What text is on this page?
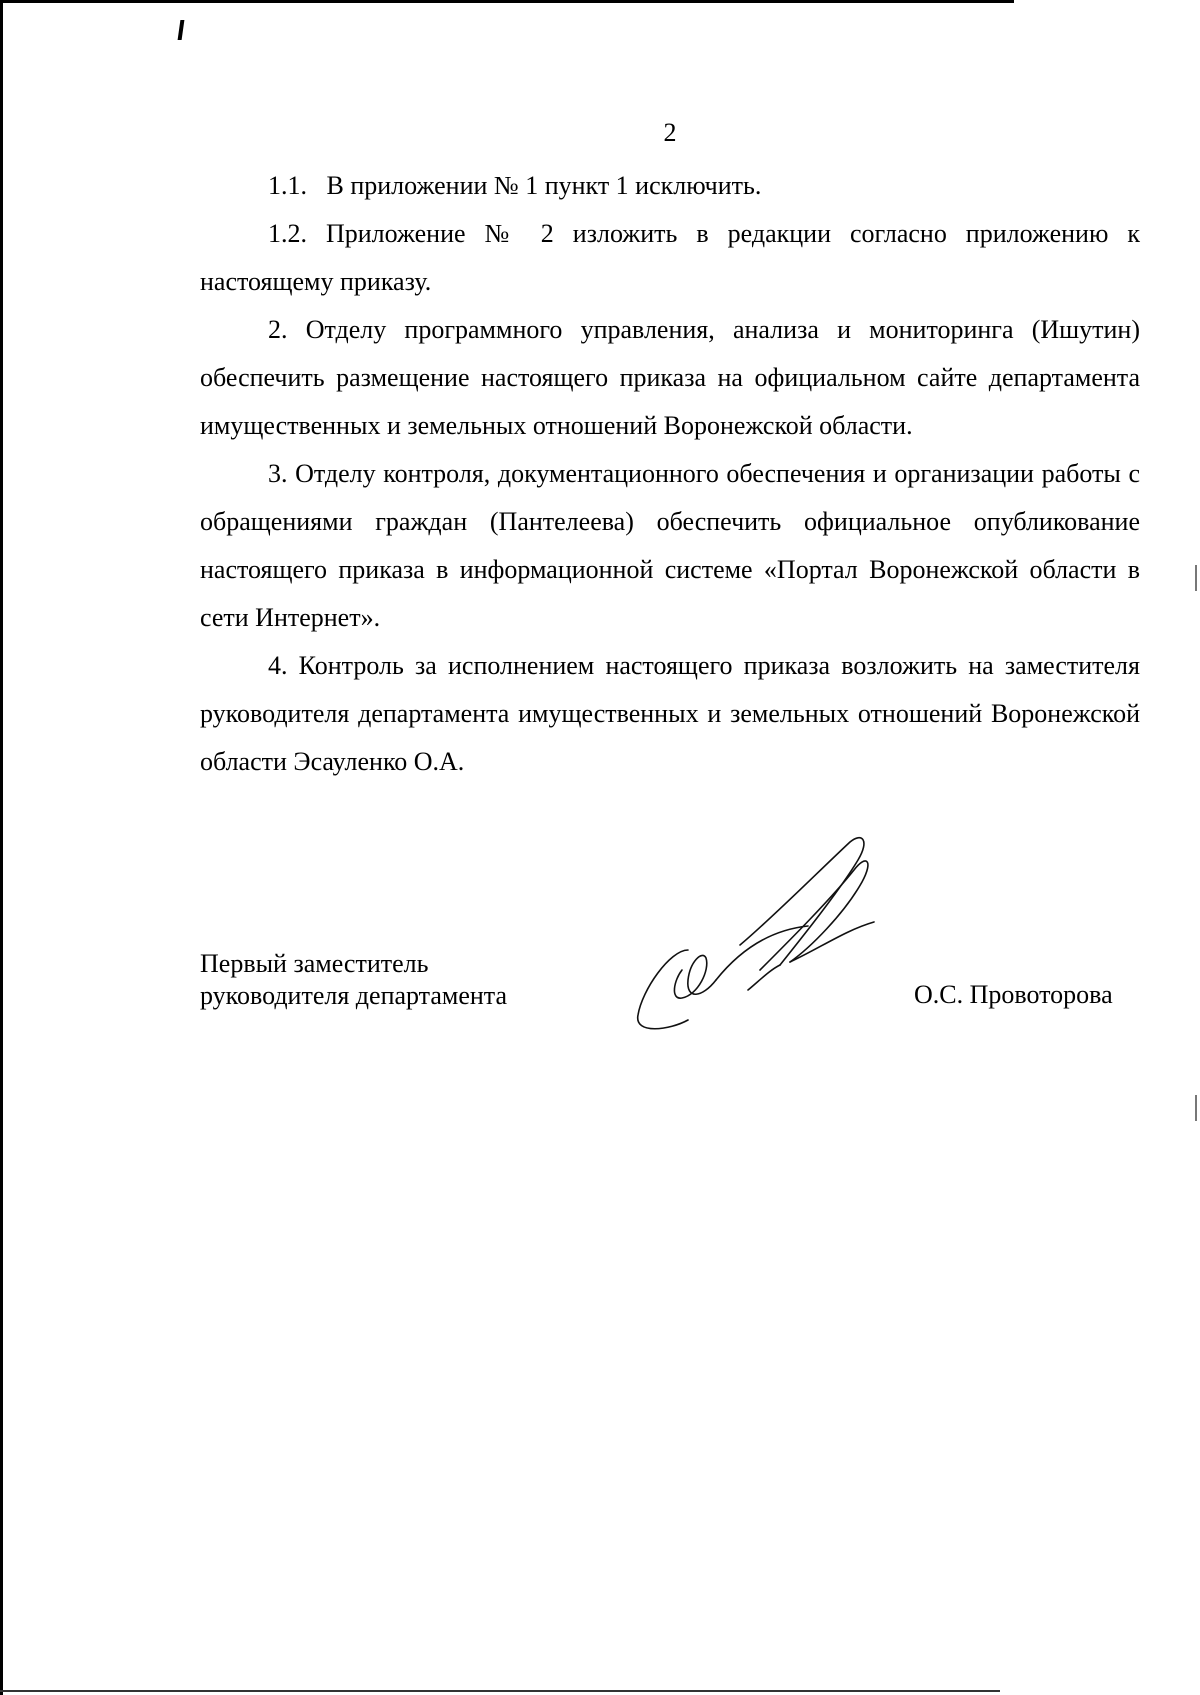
2

1.1.   В приложении № 1 пункт 1 исключить.

1.2. Приложение № 2 изложить в редакции согласно приложению к настоящему приказу.

2. Отделу программного управления, анализа и мониторинга (Ишутин) обеспечить размещение настоящего приказа на официальном сайте департамента имущественных и земельных отношений Воронежской области.

3. Отделу контроля, документационного обеспечения и организации работы с обращениями граждан (Пантелеева) обеспечить официальное опубликование настоящего приказа в информационной системе «Портал Воронежской области в сети Интернет».

4. Контроль за исполнением настоящего приказа возложить на заместителя руководителя департамента имущественных и земельных отношений Воронежской области Эсауленко О.А.

Первый заместитель
руководителя департамента	О.С. Провоторова
